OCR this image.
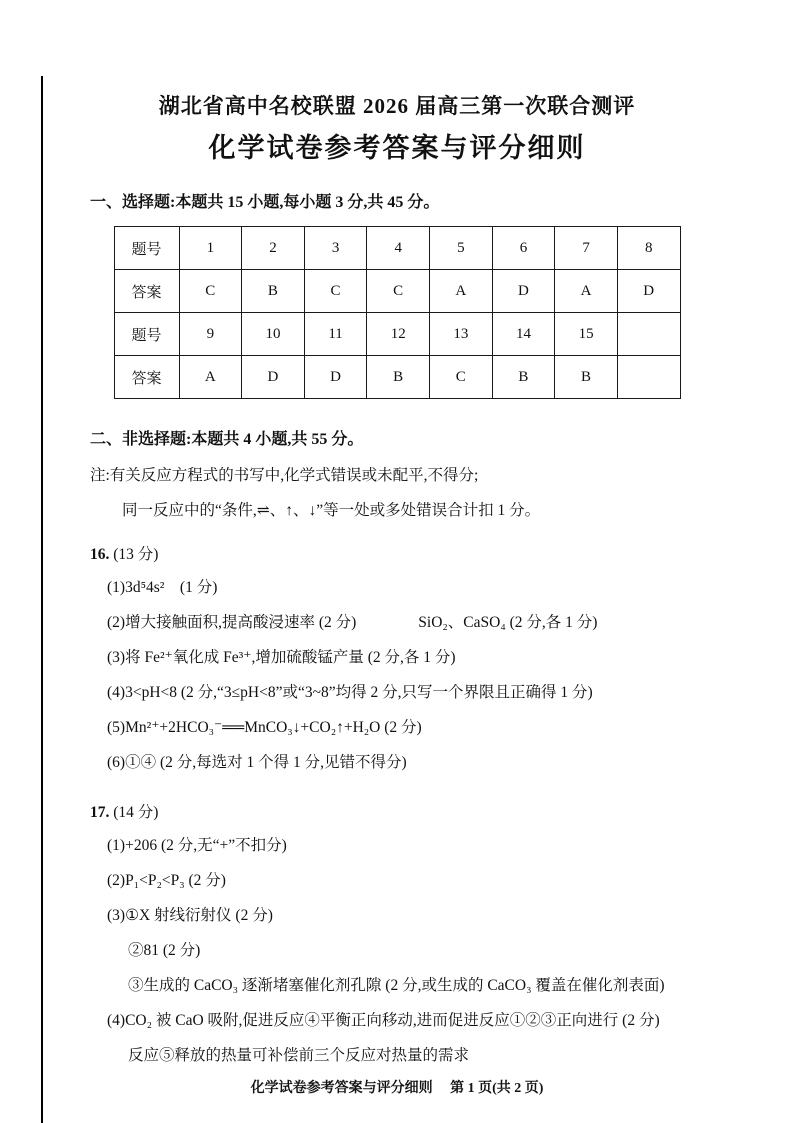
湖北省高中名校联盟 2026 届高三第一次联合测评
化学试卷参考答案与评分细则
一、选择题:本题共 15 小题,每小题 3 分,共 45 分。
题号	1	2	3	4	5	6	7	8
答案	C	B	C	C	A	D	A	D
题号	9	10	11	12	13	14	15	
答案	A	D	D	B	C	B	B	
二、非选择题:本题共 4 小题,共 55 分。
注:有关反应方程式的书写中,化学式错误或未配平,不得分;
同一反应中的“条件,⇌、↑、↓”等一处或多处错误合计扣 1 分。
16. (13 分)
(1)3d⁵4s²　(1 分)
(2)增大接触面积,提高酸浸速率 (2 分)　　　　SiO₂、CaSO₄ (2 分,各 1 分)
(3)将 Fe²⁺氧化成 Fe³⁺,增加硫酸锰产量 (2 分,各 1 分)
(4)3<pH<8 (2 分,“3≤pH<8”或“3~8”均得 2 分,只写一个界限且正确得 1 分)
(5)Mn²⁺+2HCO₃⁻══MnCO₃↓+CO₂↑+H₂O (2 分)
(6)①④ (2 分,每选对 1 个得 1 分,见错不得分)
17. (14 分)
(1)+206 (2 分,无“+”不扣分)
(2)P₁<P₂<P₃ (2 分)
(3)①X 射线衍射仪 (2 分)
②81 (2 分)
③生成的 CaCO₃ 逐渐堵塞催化剂孔隙 (2 分,或生成的 CaCO₃ 覆盖在催化剂表面)
(4)CO₂ 被 CaO 吸附,促进反应④平衡正向移动,进而促进反应①②③正向进行 (2 分)
反应⑤释放的热量可补偿前三个反应对热量的需求
化学试卷参考答案与评分细则 第 1 页(共 2 页)
